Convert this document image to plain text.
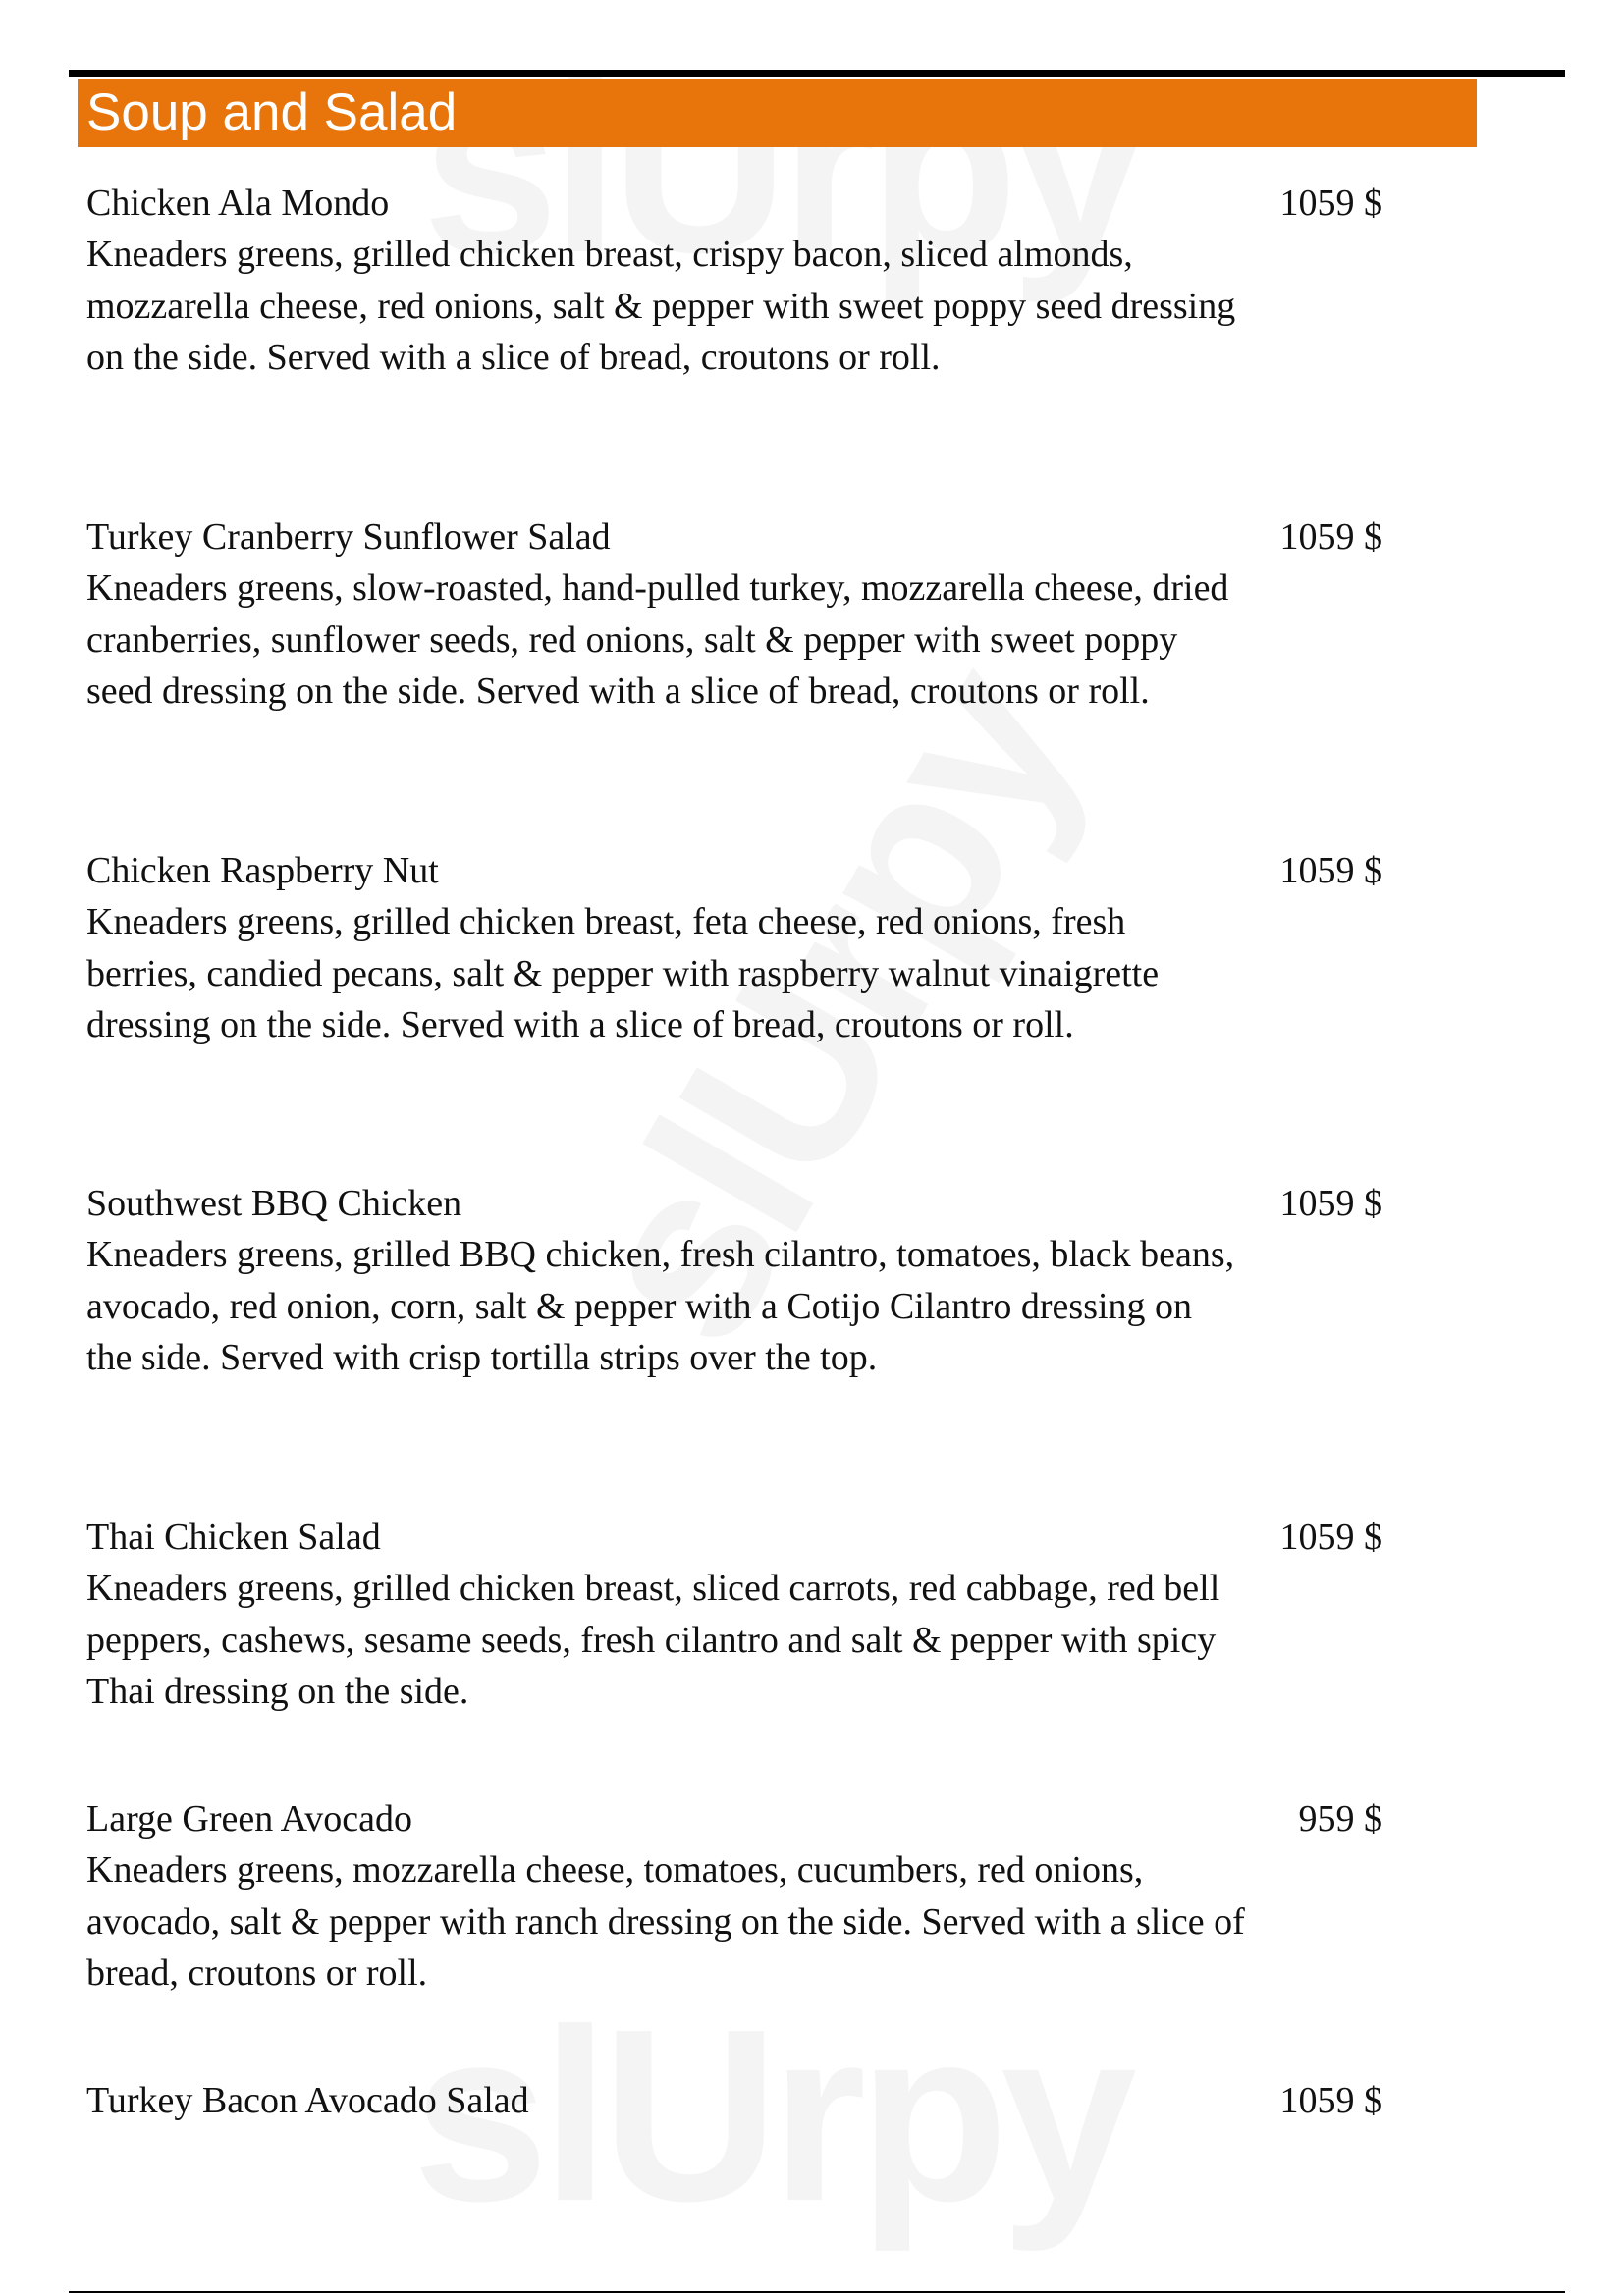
Soup and Salad
Chicken Ala Mondo
Kneaders greens, grilled chicken breast, crispy bacon, sliced almonds, mozzarella cheese, red onions, salt & pepper with sweet poppy seed dressing on the side. Served with a slice of bread, croutons or roll.
1059 $
Turkey Cranberry Sunflower Salad
Kneaders greens, slow-roasted, hand-pulled turkey, mozzarella cheese, dried cranberries, sunflower seeds, red onions, salt & pepper with sweet poppy seed dressing on the side. Served with a slice of bread, croutons or roll.
1059 $
Chicken Raspberry Nut
Kneaders greens, grilled chicken breast, feta cheese, red onions, fresh berries, candied pecans, salt & pepper with raspberry walnut vinaigrette dressing on the side. Served with a slice of bread, croutons or roll.
1059 $
Southwest BBQ Chicken
Kneaders greens, grilled BBQ chicken, fresh cilantro, tomatoes, black beans, avocado, red onion, corn, salt & pepper with a Cotijo Cilantro dressing on the side. Served with crisp tortilla strips over the top.
1059 $
Thai Chicken Salad
Kneaders greens, grilled chicken breast, sliced carrots, red cabbage, red bell peppers, cashews, sesame seeds, fresh cilantro and salt & pepper with spicy Thai dressing on the side.
1059 $
Large Green Avocado
Kneaders greens, mozzarella cheese, tomatoes, cucumbers, red onions, avocado, salt & pepper with ranch dressing on the side. Served with a slice of bread, croutons or roll.
959 $
Turkey Bacon Avocado Salad	1059 $
